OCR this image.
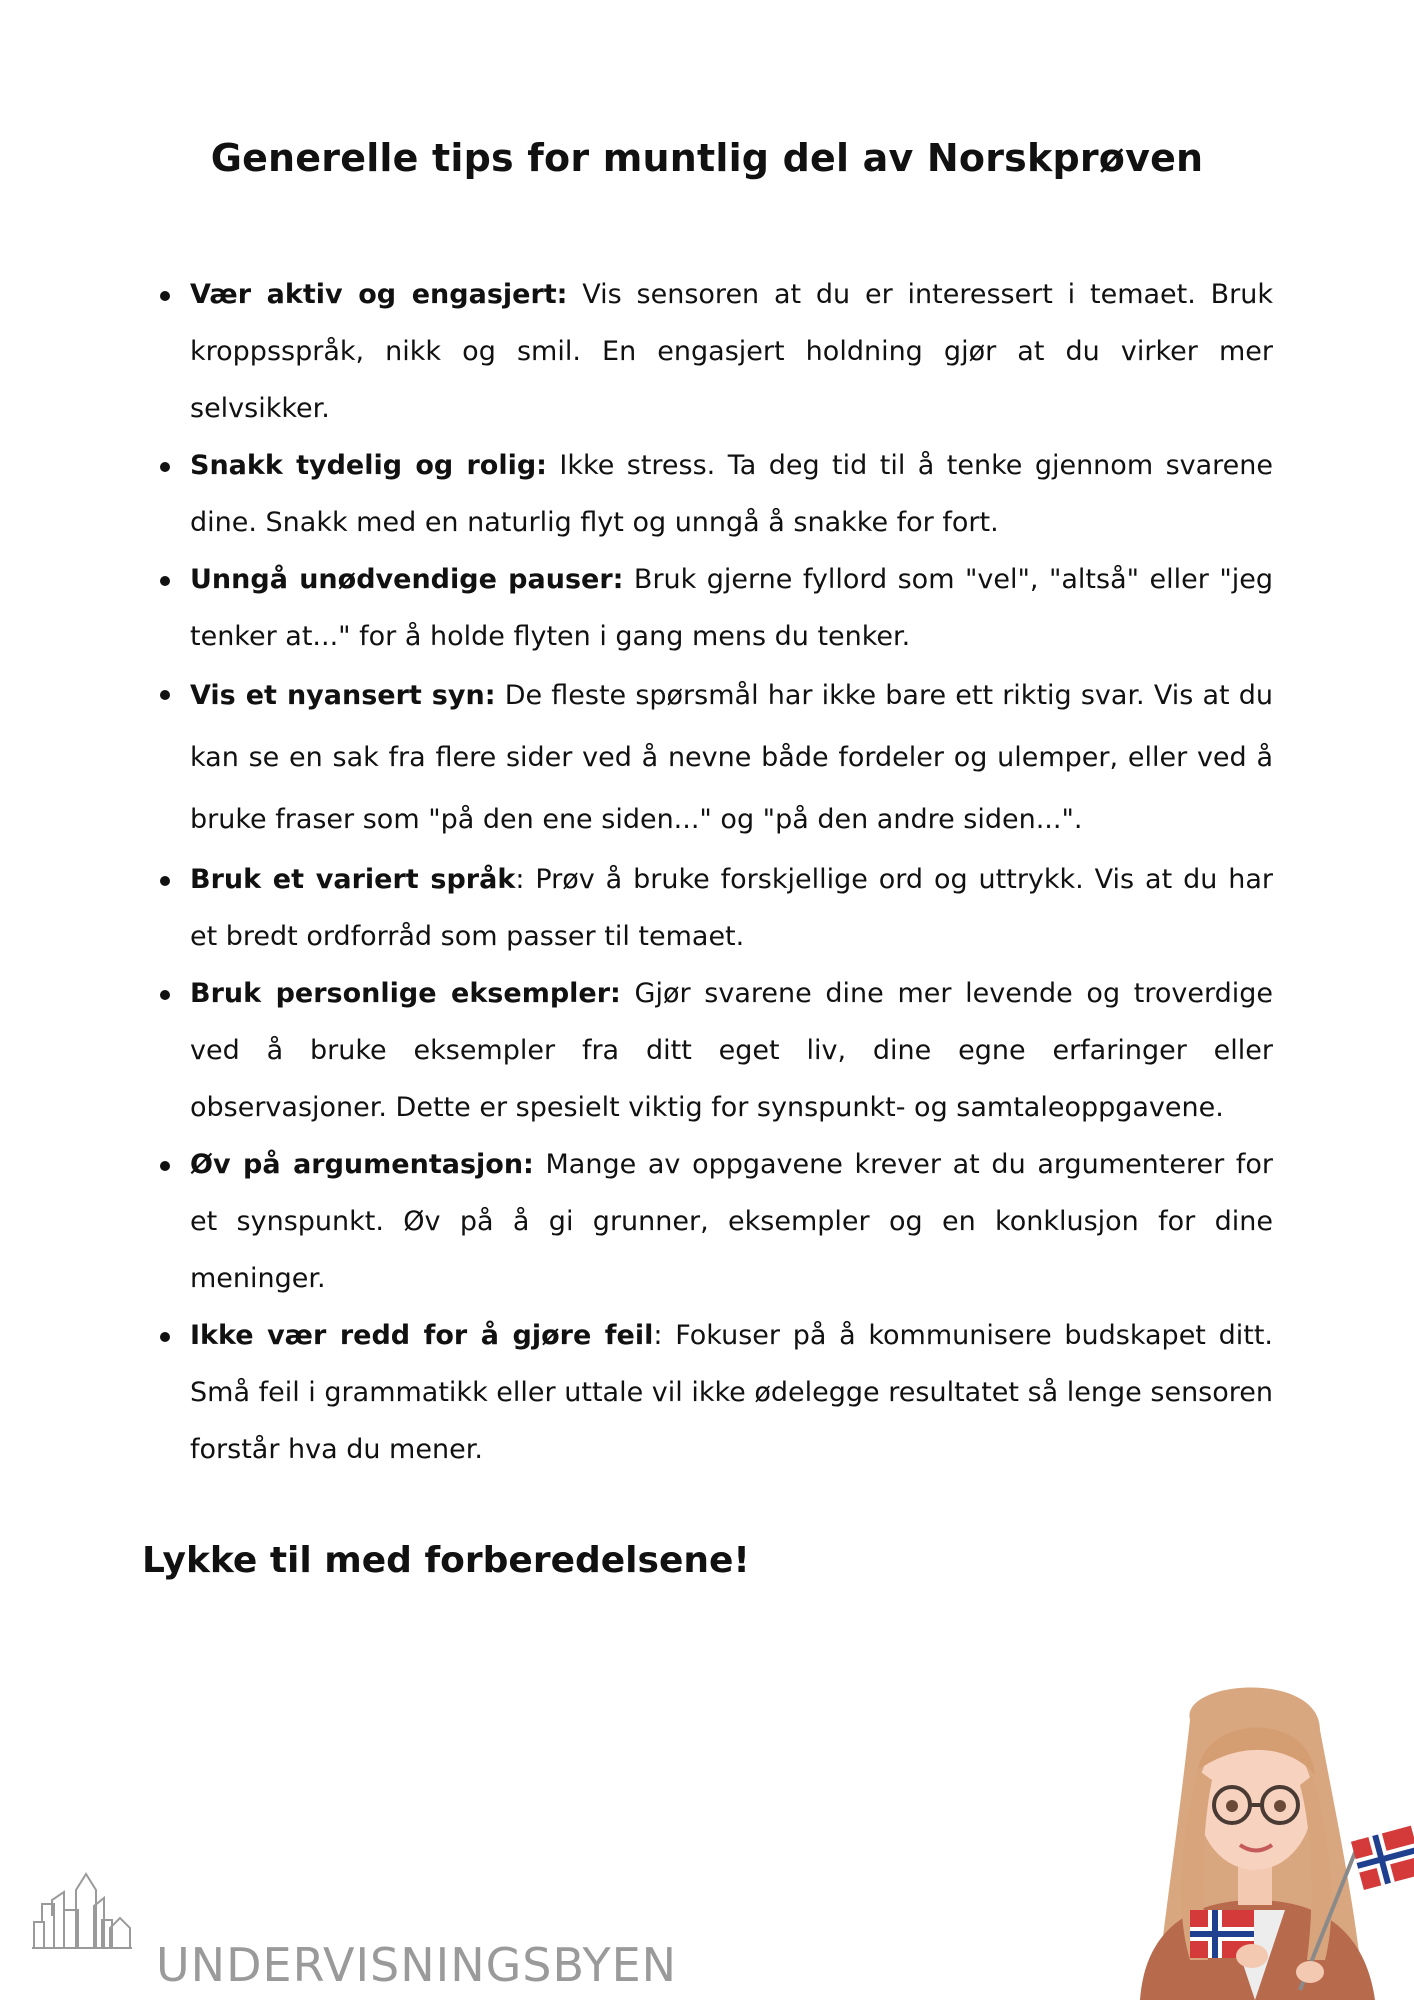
Generelle tips for muntlig del av Norskprøven
Vær aktiv og engasjert: Vis sensoren at du er interessert i temaet. Bruk kroppsspråk, nikk og smil. En engasjert holdning gjør at du virker mer selvsikker.
Snakk tydelig og rolig: Ikke stress. Ta deg tid til å tenke gjennom svarene dine. Snakk med en naturlig flyt og unngå å snakke for fort.
Unngå unødvendige pauser: Bruk gjerne fyllord som "vel", "altså" eller "jeg tenker at..." for å holde flyten i gang mens du tenker.
Vis et nyansert syn: De fleste spørsmål har ikke bare ett riktig svar. Vis at du kan se en sak fra flere sider ved å nevne både fordeler og ulemper, eller ved å bruke fraser som "på den ene siden..." og "på den andre siden...".
Bruk et variert språk: Prøv å bruke forskjellige ord og uttrykk. Vis at du har et bredt ordforråd som passer til temaet.
Bruk personlige eksempler: Gjør svarene dine mer levende og troverdige ved å bruke eksempler fra ditt eget liv, dine egne erfaringer eller observasjoner. Dette er spesielt viktig for synspunkt- og samtaleoppgavene.
Øv på argumentasjon: Mange av oppgavene krever at du argumenterer for et synspunkt. Øv på å gi grunner, eksempler og en konklusjon for dine meninger.
Ikke vær redd for å gjøre feil: Fokuser på å kommunisere budskapet ditt. Små feil i grammatikk eller uttale vil ikke ødelegge resultatet så lenge sensoren forstår hva du mener.
Lykke til med forberedelsene!
UNDERVISNINGSBYEN
